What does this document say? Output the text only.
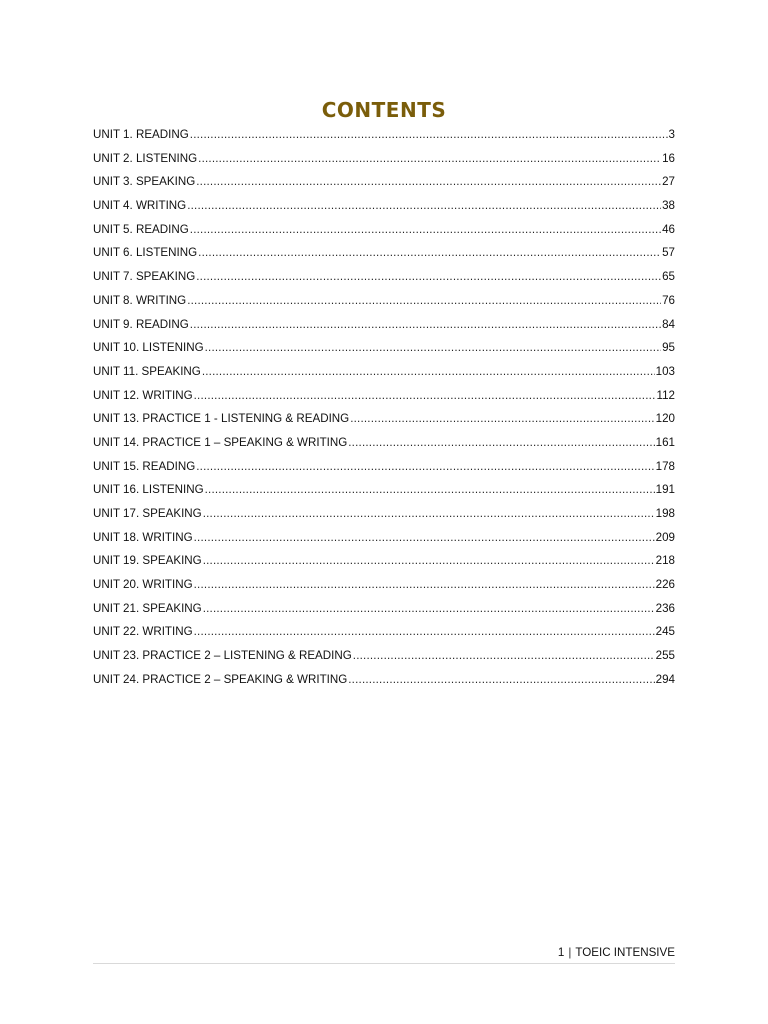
CONTENTS
UNIT 1. READING .....	3
UNIT 2. LISTENING .....	16
UNIT 3. SPEAKING .....	27
UNIT 4. WRITING .....	38
UNIT 5. READING .....	46
UNIT 6. LISTENING .....	57
UNIT 7. SPEAKING .....	65
UNIT 8. WRITING .....	76
UNIT 9. READING .....	84
UNIT 10. LISTENING .....	95
UNIT 11. SPEAKING .....	103
UNIT 12. WRITING .....	112
UNIT 13. PRACTICE 1 - LISTENING & READING .....	120
UNIT 14. PRACTICE 1 – SPEAKING & WRITING .....	161
UNIT 15. READING .....	178
UNIT 16. LISTENING .....	191
UNIT 17. SPEAKING .....	198
UNIT 18. WRITING .....	209
UNIT 19. SPEAKING .....	218
UNIT 20. WRITING .....	226
UNIT 21. SPEAKING .....	236
UNIT 22. WRITING .....	245
UNIT 23. PRACTICE 2 – LISTENING & READING .....	255
UNIT 24. PRACTICE 2 – SPEAKING & WRITING .....	294
1 | TOEIC INTENSIVE
